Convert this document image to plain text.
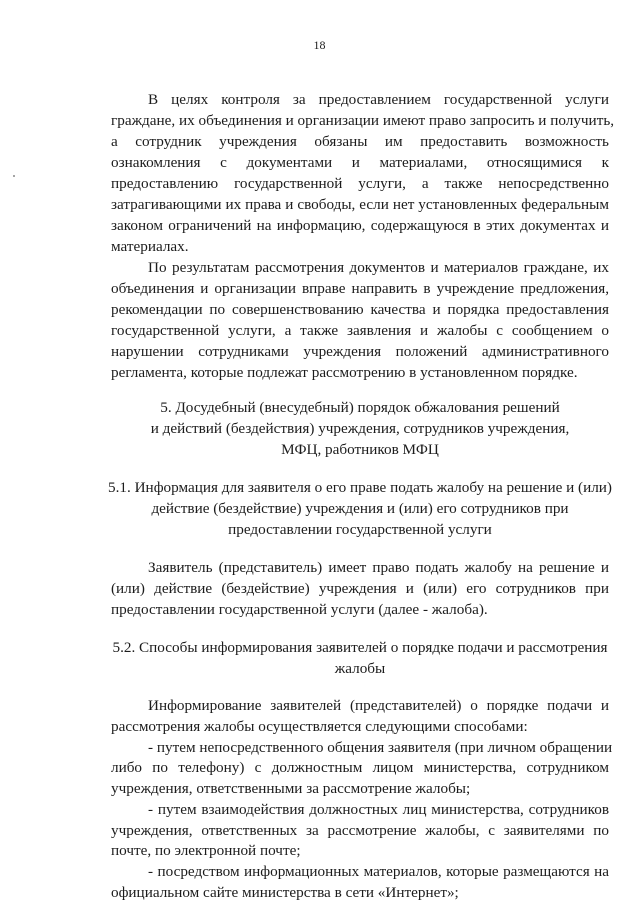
18
В целях контроля за предоставлением государственной услуги
граждане, их объединения и организации имеют право запросить и получить,
а сотрудник учреждения обязаны им предоставить возможность
ознакомления с документами и материалами, относящимися к
предоставлению государственной услуги, а также непосредственно
затрагивающими их права и свободы, если нет установленных федеральным
законом ограничений на информацию, содержащуюся в этих документах и
материалах.
По результатам рассмотрения документов и материалов граждане, их
объединения и организации вправе направить в учреждение предложения,
рекомендации по совершенствованию качества и порядка предоставления
государственной услуги, а также заявления и жалобы с сообщением о
нарушении сотрудниками учреждения положений административного
регламента, которые подлежат рассмотрению в установленном порядке.
5. Досудебный (внесудебный) порядок обжалования решений
и действий (бездействия) учреждения, сотрудников учреждения,
МФЦ, работников МФЦ
5.1. Информация для заявителя о его праве подать жалобу на решение и (или)
действие (бездействие) учреждения и (или) его сотрудников при
предоставлении государственной услуги
Заявитель (представитель) имеет право подать жалобу на решение и
(или) действие (бездействие) учреждения и (или) его сотрудников при
предоставлении государственной услуги (далее - жалоба).
5.2. Способы информирования заявителей о порядке подачи и рассмотрения
жалобы
Информирование заявителей (представителей) о порядке подачи и
рассмотрения жалобы осуществляется следующими способами:
- путем непосредственного общения заявителя (при личном обращении
либо по телефону) с должностным лицом министерства, сотрудником
учреждения, ответственными за рассмотрение жалобы;
- путем взаимодействия должностных лиц министерства, сотрудников
учреждения, ответственных за рассмотрение жалобы, с заявителями по
почте, по электронной почте;
- посредством информационных материалов, которые размещаются на
официальном сайте министерства в сети «Интернет»;
